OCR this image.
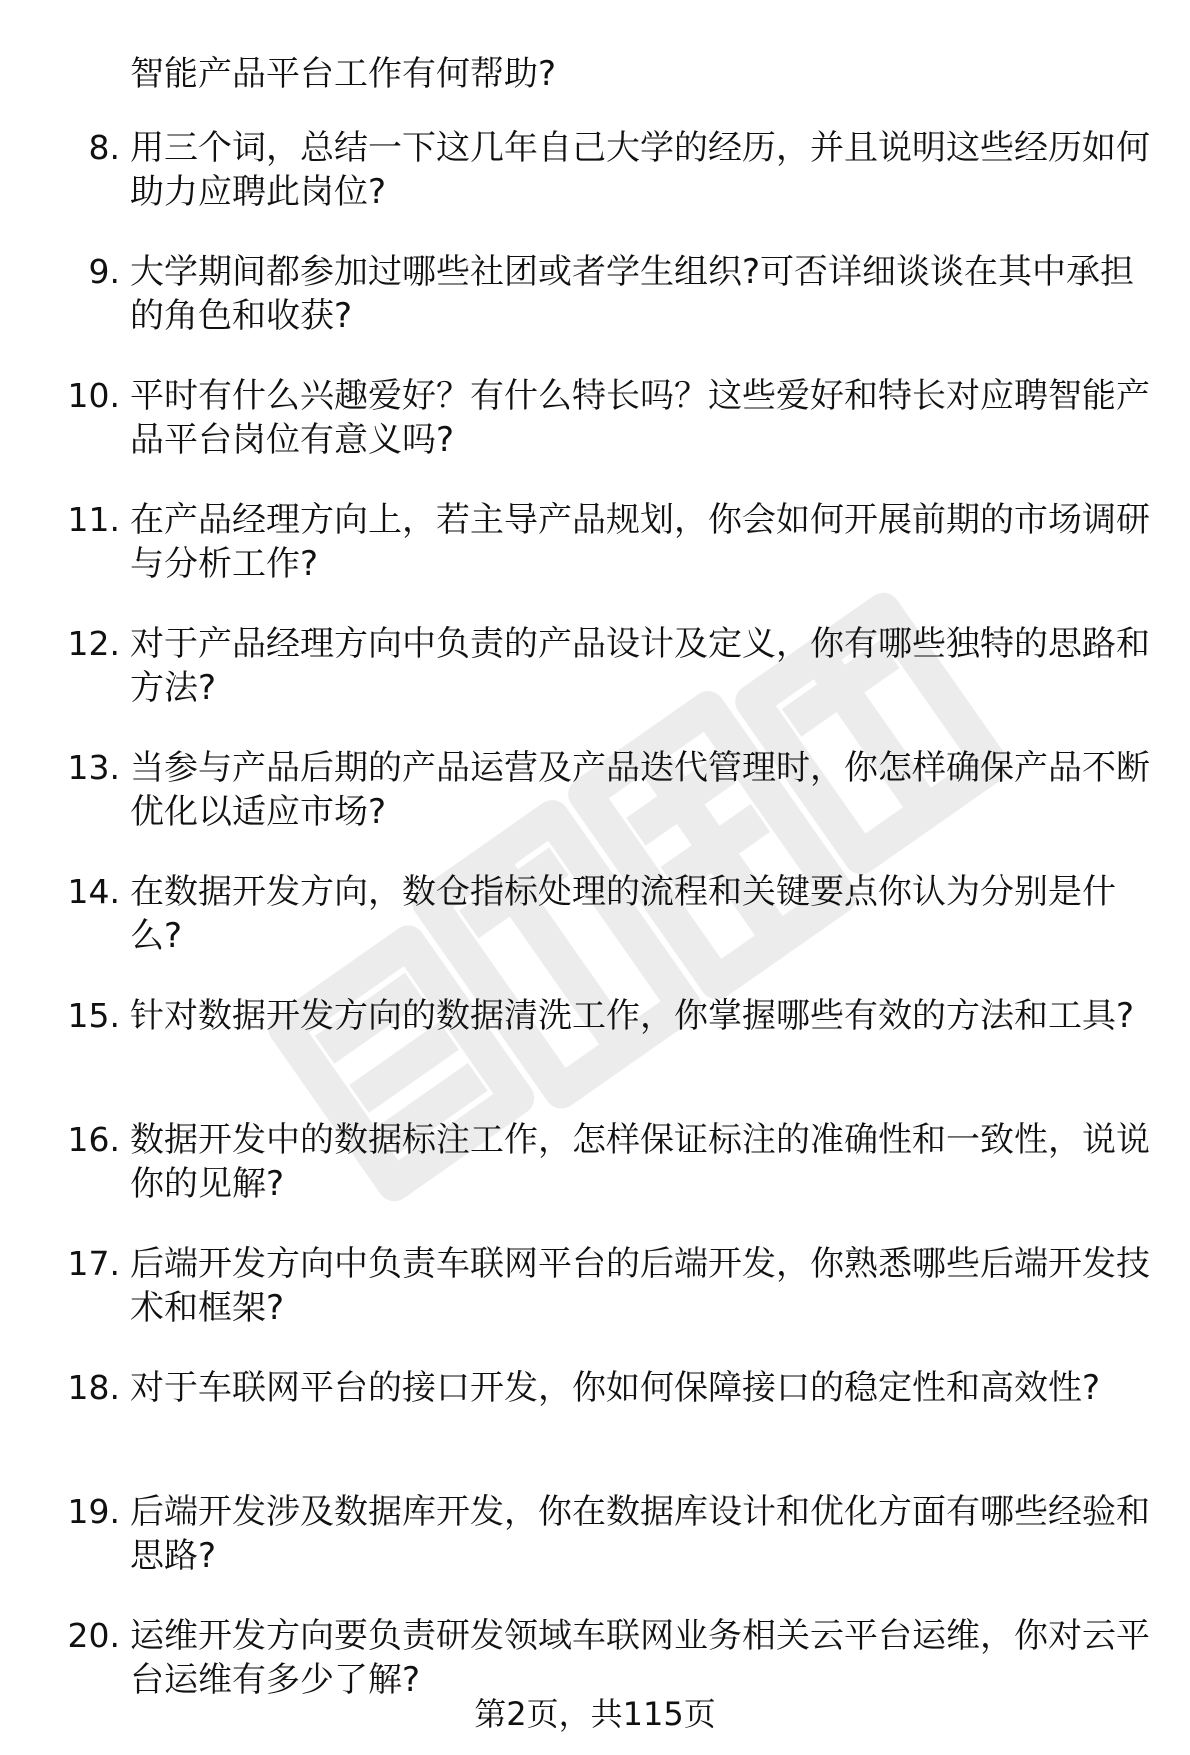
智能产品平台工作有何帮助?
8. 用三个词，总结一下这几年自己大学的经历，并且说明这些经历如何助力应聘此岗位?
9. 大学期间都参加过哪些社团或者学生组织?可否详细谈谈在其中承担的角色和收获?
10. 平时有什么兴趣爱好？有什么特长吗？这些爱好和特长对应聘智能产品平台岗位有意义吗?
11. 在产品经理方向上，若主导产品规划，你会如何开展前期的市场调研与分析工作?
12. 对于产品经理方向中负责的产品设计及定义，你有哪些独特的思路和方法?
13. 当参与产品后期的产品运营及产品迭代管理时，你怎样确保产品不断优化以适应市场?
14. 在数据开发方向，数仓指标处理的流程和关键要点你认为分别是什么?
15. 针对数据开发方向的数据清洗工作，你掌握哪些有效的方法和工具?
16. 数据开发中的数据标注工作，怎样保证标注的准确性和一致性，说说你的见解?
17. 后端开发方向中负责车联网平台的后端开发，你熟悉哪些后端开发技术和框架?
18. 对于车联网平台的接口开发，你如何保障接口的稳定性和高效性?
19. 后端开发涉及数据库开发，你在数据库设计和优化方面有哪些经验和思路?
20. 运维开发方向要负责研发领域车联网业务相关云平台运维，你对云平台运维有多少了解?
第2页，共115页
